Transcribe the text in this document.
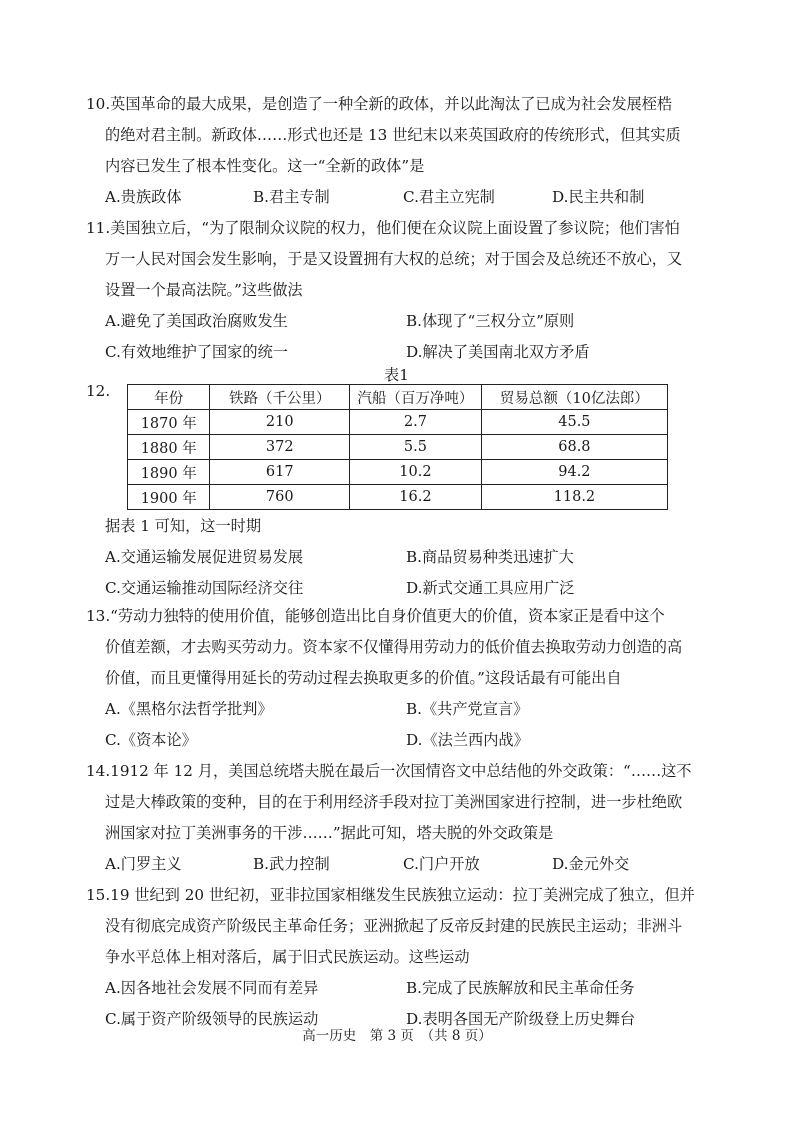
10.英国革命的最大成果，是创造了一种全新的政体，并以此淘汰了已成为社会发展桎梏
的绝对君主制。新政体……形式也还是 13 世纪末以来英国政府的传统形式，但其实质
内容已发生了根本性变化。这一“全新的政体”是
A.贵族政体	B.君主专制	C.君主立宪制	D.民主共和制
11.美国独立后，“为了限制众议院的权力，他们便在众议院上面设置了参议院；他们害怕
万一人民对国会发生影响，于是又设置拥有大权的总统；对于国会及总统还不放心，又
设置一个最高法院。”这些做法
A.避免了美国政治腐败发生	B.体现了“三权分立”原则
C.有效地维护了国家的统一	D.解决了美国南北双方矛盾
表1
12.	年份	铁路（千公里）	汽船（百万净吨）	贸易总额（10亿法郎）
1870 年	210	2.7	45.5
1880 年	372	5.5	68.8
1890 年	617	10.2	94.2
1900 年	760	16.2	118.2
据表 1 可知，这一时期
A.交通运输发展促进贸易发展	B.商品贸易种类迅速扩大
C.交通运输推动国际经济交往	D.新式交通工具应用广泛
13.“劳动力独特的使用价值，能够创造出比自身价值更大的价值，资本家正是看中这个
价值差额，才去购买劳动力。资本家不仅懂得用劳动力的低价值去换取劳动力创造的高
价值，而且更懂得用延长的劳动过程去换取更多的价值。”这段话最有可能出自
A.《黑格尔法哲学批判》	B.《共产党宣言》
C.《资本论》	D.《法兰西内战》
14.1912 年 12 月，美国总统塔夫脱在最后一次国情咨文中总结他的外交政策：“……这不
过是大棒政策的变种，目的在于利用经济手段对拉丁美洲国家进行控制，进一步杜绝欧
洲国家对拉丁美洲事务的干涉……”据此可知，塔夫脱的外交政策是
A.门罗主义	B.武力控制	C.门户开放	D.金元外交
15.19 世纪到 20 世纪初，亚非拉国家相继发生民族独立运动：拉丁美洲完成了独立，但并
没有彻底完成资产阶级民主革命任务；亚洲掀起了反帝反封建的民族民主运动；非洲斗
争水平总体上相对落后，属于旧式民族运动。这些运动
A.因各地社会发展不同而有差异	B.完成了民族解放和民主革命任务
C.属于资产阶级领导的民族运动	D.表明各国无产阶级登上历史舞台
高一历史　第 3 页　（共 8 页）
